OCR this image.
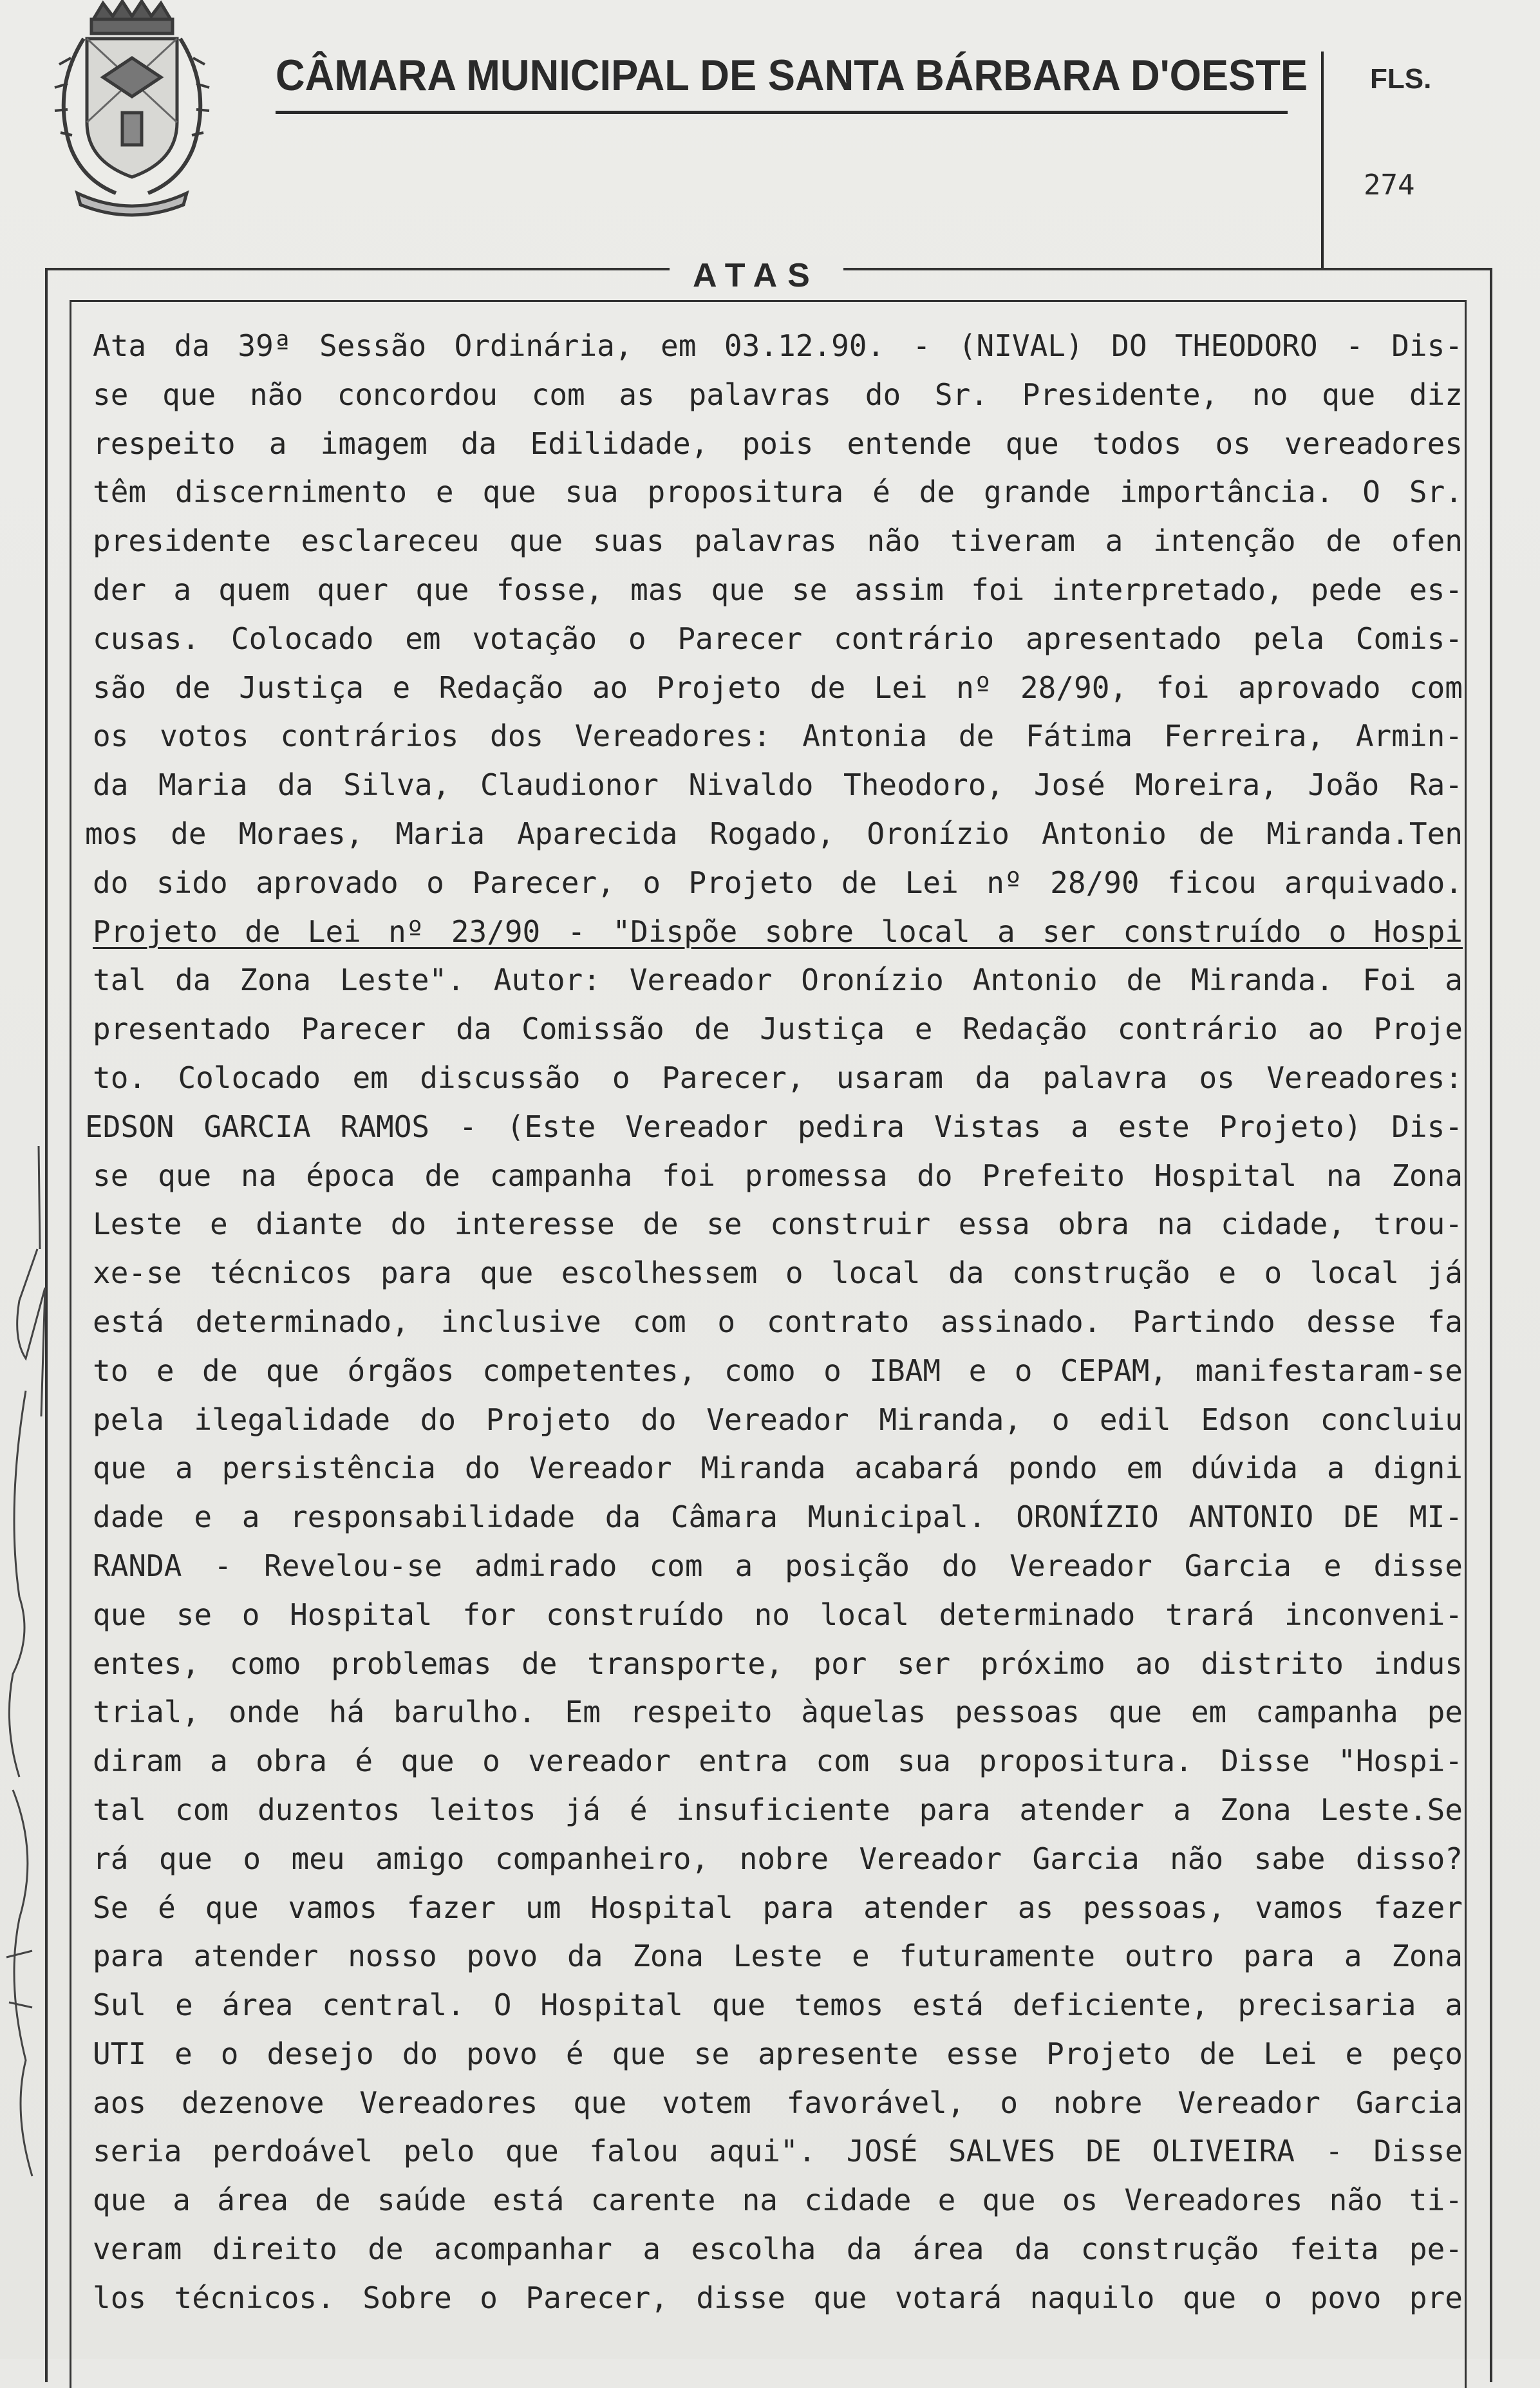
CÂMARA MUNICIPAL DE SANTA BÁRBARA D'OESTE FLS.
274
ATAS
Ata da 39ª Sessão Ordinária, em 03.12.90. - (NIVAL) DO THEODORO - Dis-
se que não concordou com as palavras do Sr. Presidente, no que diz
respeito a imagem da Edilidade, pois entende que todos os vereadores
têm discernimento e que sua propositura é de grande importância. O Sr.
presidente esclareceu que suas palavras não tiveram a intenção de ofen
der a quem quer que fosse, mas que se assim foi interpretado, pede es-
cusas. Colocado em votação o Parecer contrário apresentado pela Comis-
são de Justiça e Redação ao Projeto de Lei nº 28/90, foi aprovado com
os votos contrários dos Vereadores: Antonia de Fátima Ferreira, Armin-
da Maria da Silva, Claudionor Nivaldo Theodoro, José Moreira, João Ra-
mos de Moraes, Maria Aparecida Rogado, Oronízio Antonio de Miranda.Ten
do sido aprovado o Parecer, o Projeto de Lei nº 28/90 ficou arquivado.
Projeto de Lei nº 23/90 - "Dispõe sobre local a ser construído o Hospi
tal da Zona Leste". Autor: Vereador Oronízio Antonio de Miranda. Foi a
presentado Parecer da Comissão de Justiça e Redação contrário ao Proje
to. Colocado em discussão o Parecer, usaram da palavra os Vereadores:
EDSON GARCIA RAMOS - (Este Vereador pedira Vistas a este Projeto) Dis-
se que na época de campanha foi promessa do Prefeito Hospital na Zona
Leste e diante do interesse de se construir essa obra na cidade, trou-
xe-se técnicos para que escolhessem o local da construção e o local já
está determinado, inclusive com o contrato assinado. Partindo desse fa
to e de que órgãos competentes, como o IBAM e o CEPAM, manifestaram-se
pela ilegalidade do Projeto do Vereador Miranda, o edil Edson concluiu
que a persistência do Vereador Miranda acabará pondo em dúvida a digni
dade e a responsabilidade da Câmara Municipal. ORONÍZIO ANTONIO DE MI-
RANDA - Revelou-se admirado com a posição do Vereador Garcia e disse
que se o Hospital for construído no local determinado trará inconveni-
entes, como problemas de transporte, por ser próximo ao distrito indus
trial, onde há barulho. Em respeito àquelas pessoas que em campanha pe
diram a obra é que o vereador entra com sua propositura. Disse "Hospi-
tal com duzentos leitos já é insuficiente para atender a Zona Leste.Se
rá que o meu amigo companheiro, nobre Vereador Garcia não sabe disso?
Se é que vamos fazer um Hospital para atender as pessoas, vamos fazer
para atender nosso povo da Zona Leste e futuramente outro para a Zona
Sul e área central. O Hospital que temos está deficiente, precisaria a
UTI e o desejo do povo é que se apresente esse Projeto de Lei e peço
aos dezenove Vereadores que votem favorável, o nobre Vereador Garcia
seria perdoável pelo que falou aqui". JOSÉ SALVES DE OLIVEIRA - Disse
que a área de saúde está carente na cidade e que os Vereadores não ti-
veram direito de acompanhar a escolha da área da construção feita pe-
los técnicos. Sobre o Parecer, disse que votará naquilo que o povo pre
